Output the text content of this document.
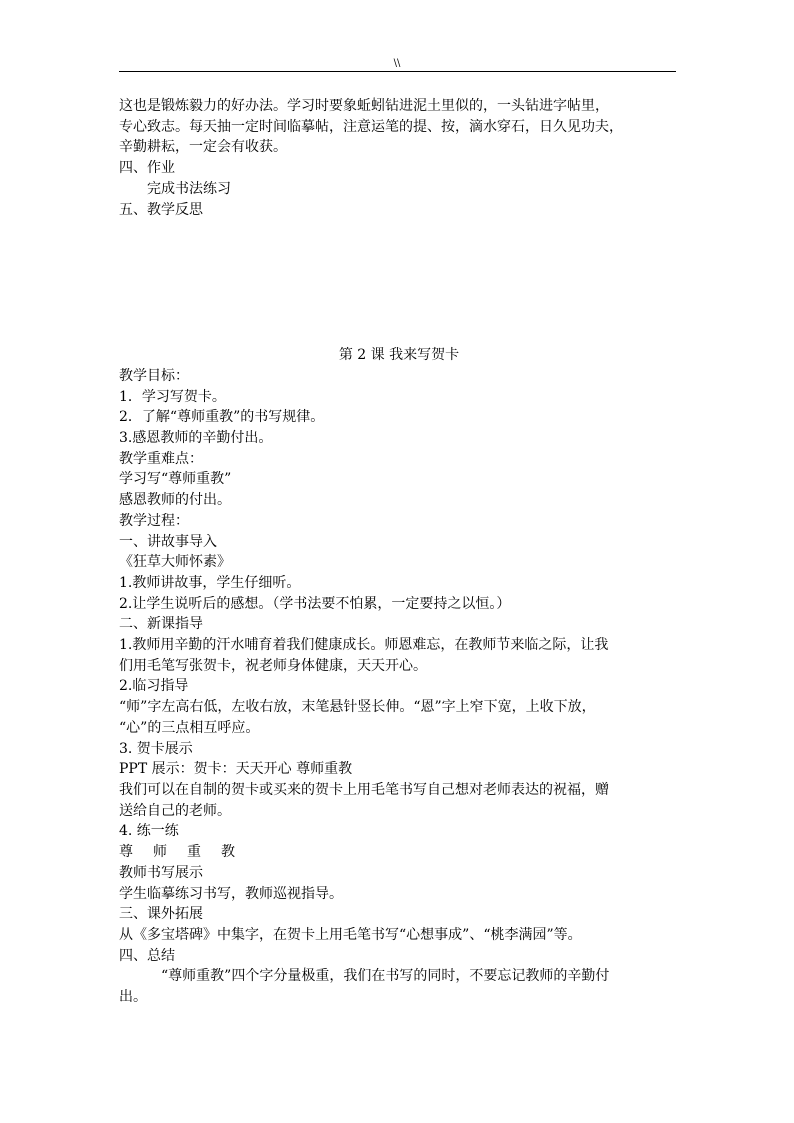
\\

这也是锻炼毅力的好办法。学习时要象蚯蚓钻进泥土里似的，一头钻进字帖里，

专心致志。每天抽一定时间临摹帖，注意运笔的提、按，滴水穿石，日久见功夫，

辛勤耕耘，一定会有收获。

四、作业

完成书法练习

五、教学反思

第 2 课 我来写贺卡

教学目标：

1．学习写贺卡。

2．了解“尊师重教”的书写规律。

3.感恩教师的辛勤付出。

教学重难点：

学习写“尊师重教”

感恩教师的付出。

教学过程：

一、讲故事导入

《狂草大师怀素》

1.教师讲故事，学生仔细听。

2.让学生说听后的感想。（学书法要不怕累，一定要持之以恒。）

二、新课指导

1.教师用辛勤的汗水哺育着我们健康成长。师恩难忘，在教师节来临之际，让我

们用毛笔写张贺卡，祝老师身体健康，天天开心。

2.临习指导

“师”字左高右低，左收右放，末笔悬针竖长伸。“恩”字上窄下宽，上收下放，

“心”的三点相互呼应。

3. 贺卡展示

PPT 展示：贺卡：天天开心 尊师重教

我们可以在自制的贺卡或买来的贺卡上用毛笔书写自己想对老师表达的祝福，赠

送给自己的老师。

4. 练一练

尊 师 重 教

教师书写展示

学生临摹练习书写，教师巡视指导。

三、课外拓展

从《多宝塔碑》中集字，在贺卡上用毛笔书写“心想事成”、“桃李满园”等。

四、总结

“尊师重教”四个字分量极重，我们在书写的同时，不要忘记教师的辛勤付

出。
